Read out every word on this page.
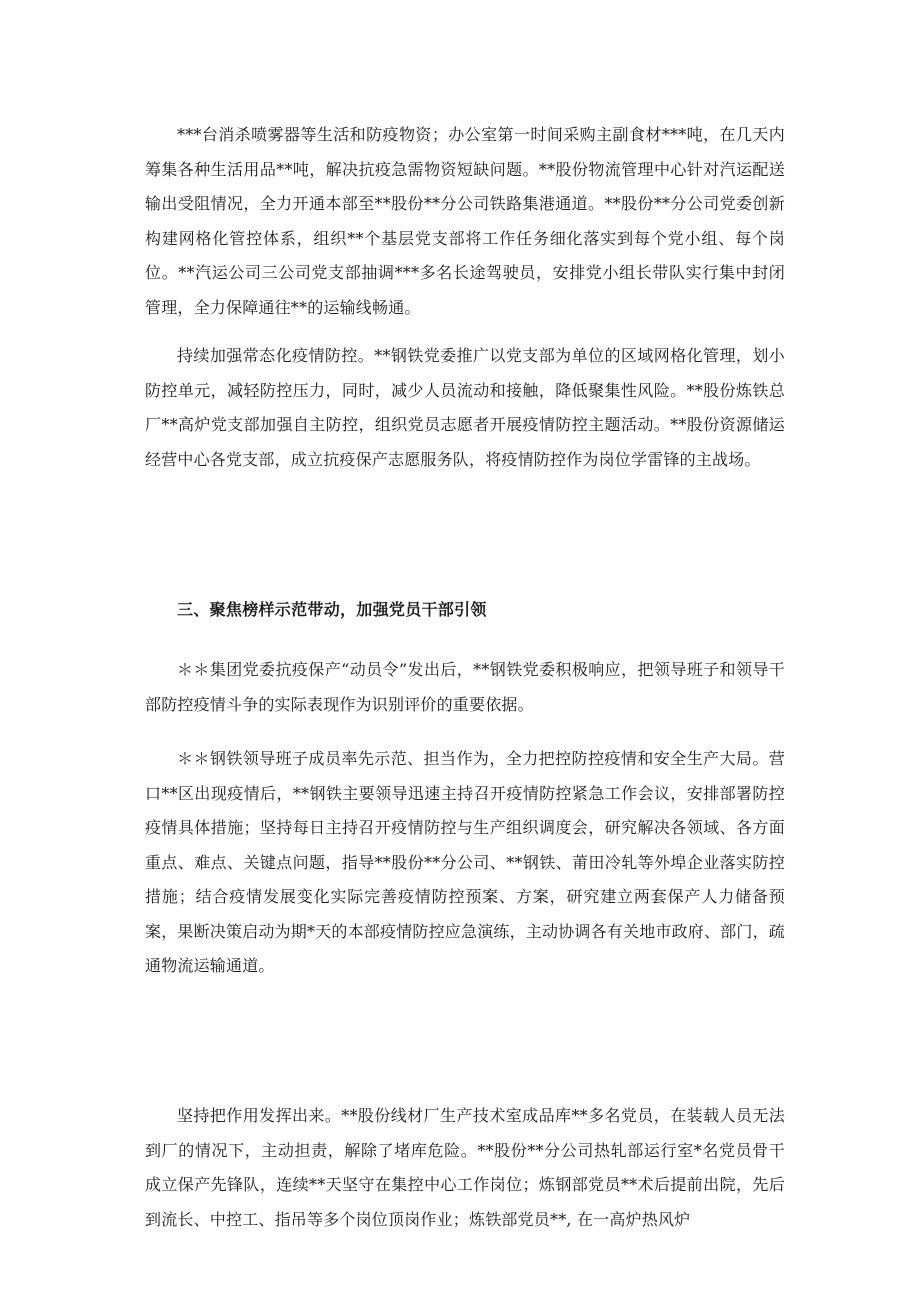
***台消杀喷雾器等生活和防疫物资；办公室第一时间采购主副食材***吨，在几天内筹集各种生活用品**吨，解决抗疫急需物资短缺问题。**股份物流管理中心针对汽运配送输出受阻情况，全力开通本部至**股份**分公司铁路集港通道。**股份**分公司党委创新构建网格化管控体系，组织**个基层党支部将工作任务细化落实到每个党小组、每个岗位。**汽运公司三公司党支部抽调***多名长途驾驶员，安排党小组长带队实行集中封闭管理，全力保障通往**的运输线畅通。

持续加强常态化疫情防控。**钢铁党委推广以党支部为单位的区域网格化管理，划小防控单元，减轻防控压力，同时，减少人员流动和接触，降低聚集性风险。**股份炼铁总厂**高炉党支部加强自主防控，组织党员志愿者开展疫情防控主题活动。**股份资源储运经营中心各党支部，成立抗疫保产志愿服务队，将疫情防控作为岗位学雷锋的主战场。

三、聚焦榜样示范带动，加强党员干部引领

＊＊集团党委抗疫保产“动员令”发出后，**钢铁党委积极响应，把领导班子和领导干部防控疫情斗争的实际表现作为识别评价的重要依据。

＊＊钢铁领导班子成员率先示范、担当作为，全力把控防控疫情和安全生产大局。营口**区出现疫情后，**钢铁主要领导迅速主持召开疫情防控紧急工作会议，安排部署防控疫情具体措施；坚持每日主持召开疫情防控与生产组织调度会，研究解决各领域、各方面重点、难点、关键点问题，指导**股份**分公司、**钢铁、莆田冷轧等外埠企业落实防控措施；结合疫情发展变化实际完善疫情防控预案、方案，研究建立两套保产人力储备预案，果断决策启动为期*天的本部疫情防控应急演练，主动协调各有关地市政府、部门，疏通物流运输通道。

坚持把作用发挥出来。**股份线材厂生产技术室成品库**多名党员，在装载人员无法到厂的情况下，主动担责，解除了堵库危险。**股份**分公司热轧部运行室*名党员骨干成立保产先锋队，连续**天坚守在集控中心工作岗位；炼钢部党员**术后提前出院，先后到流长、中控工、指吊等多个岗位顶岗作业；炼铁部党员**, 在一高炉热风炉
